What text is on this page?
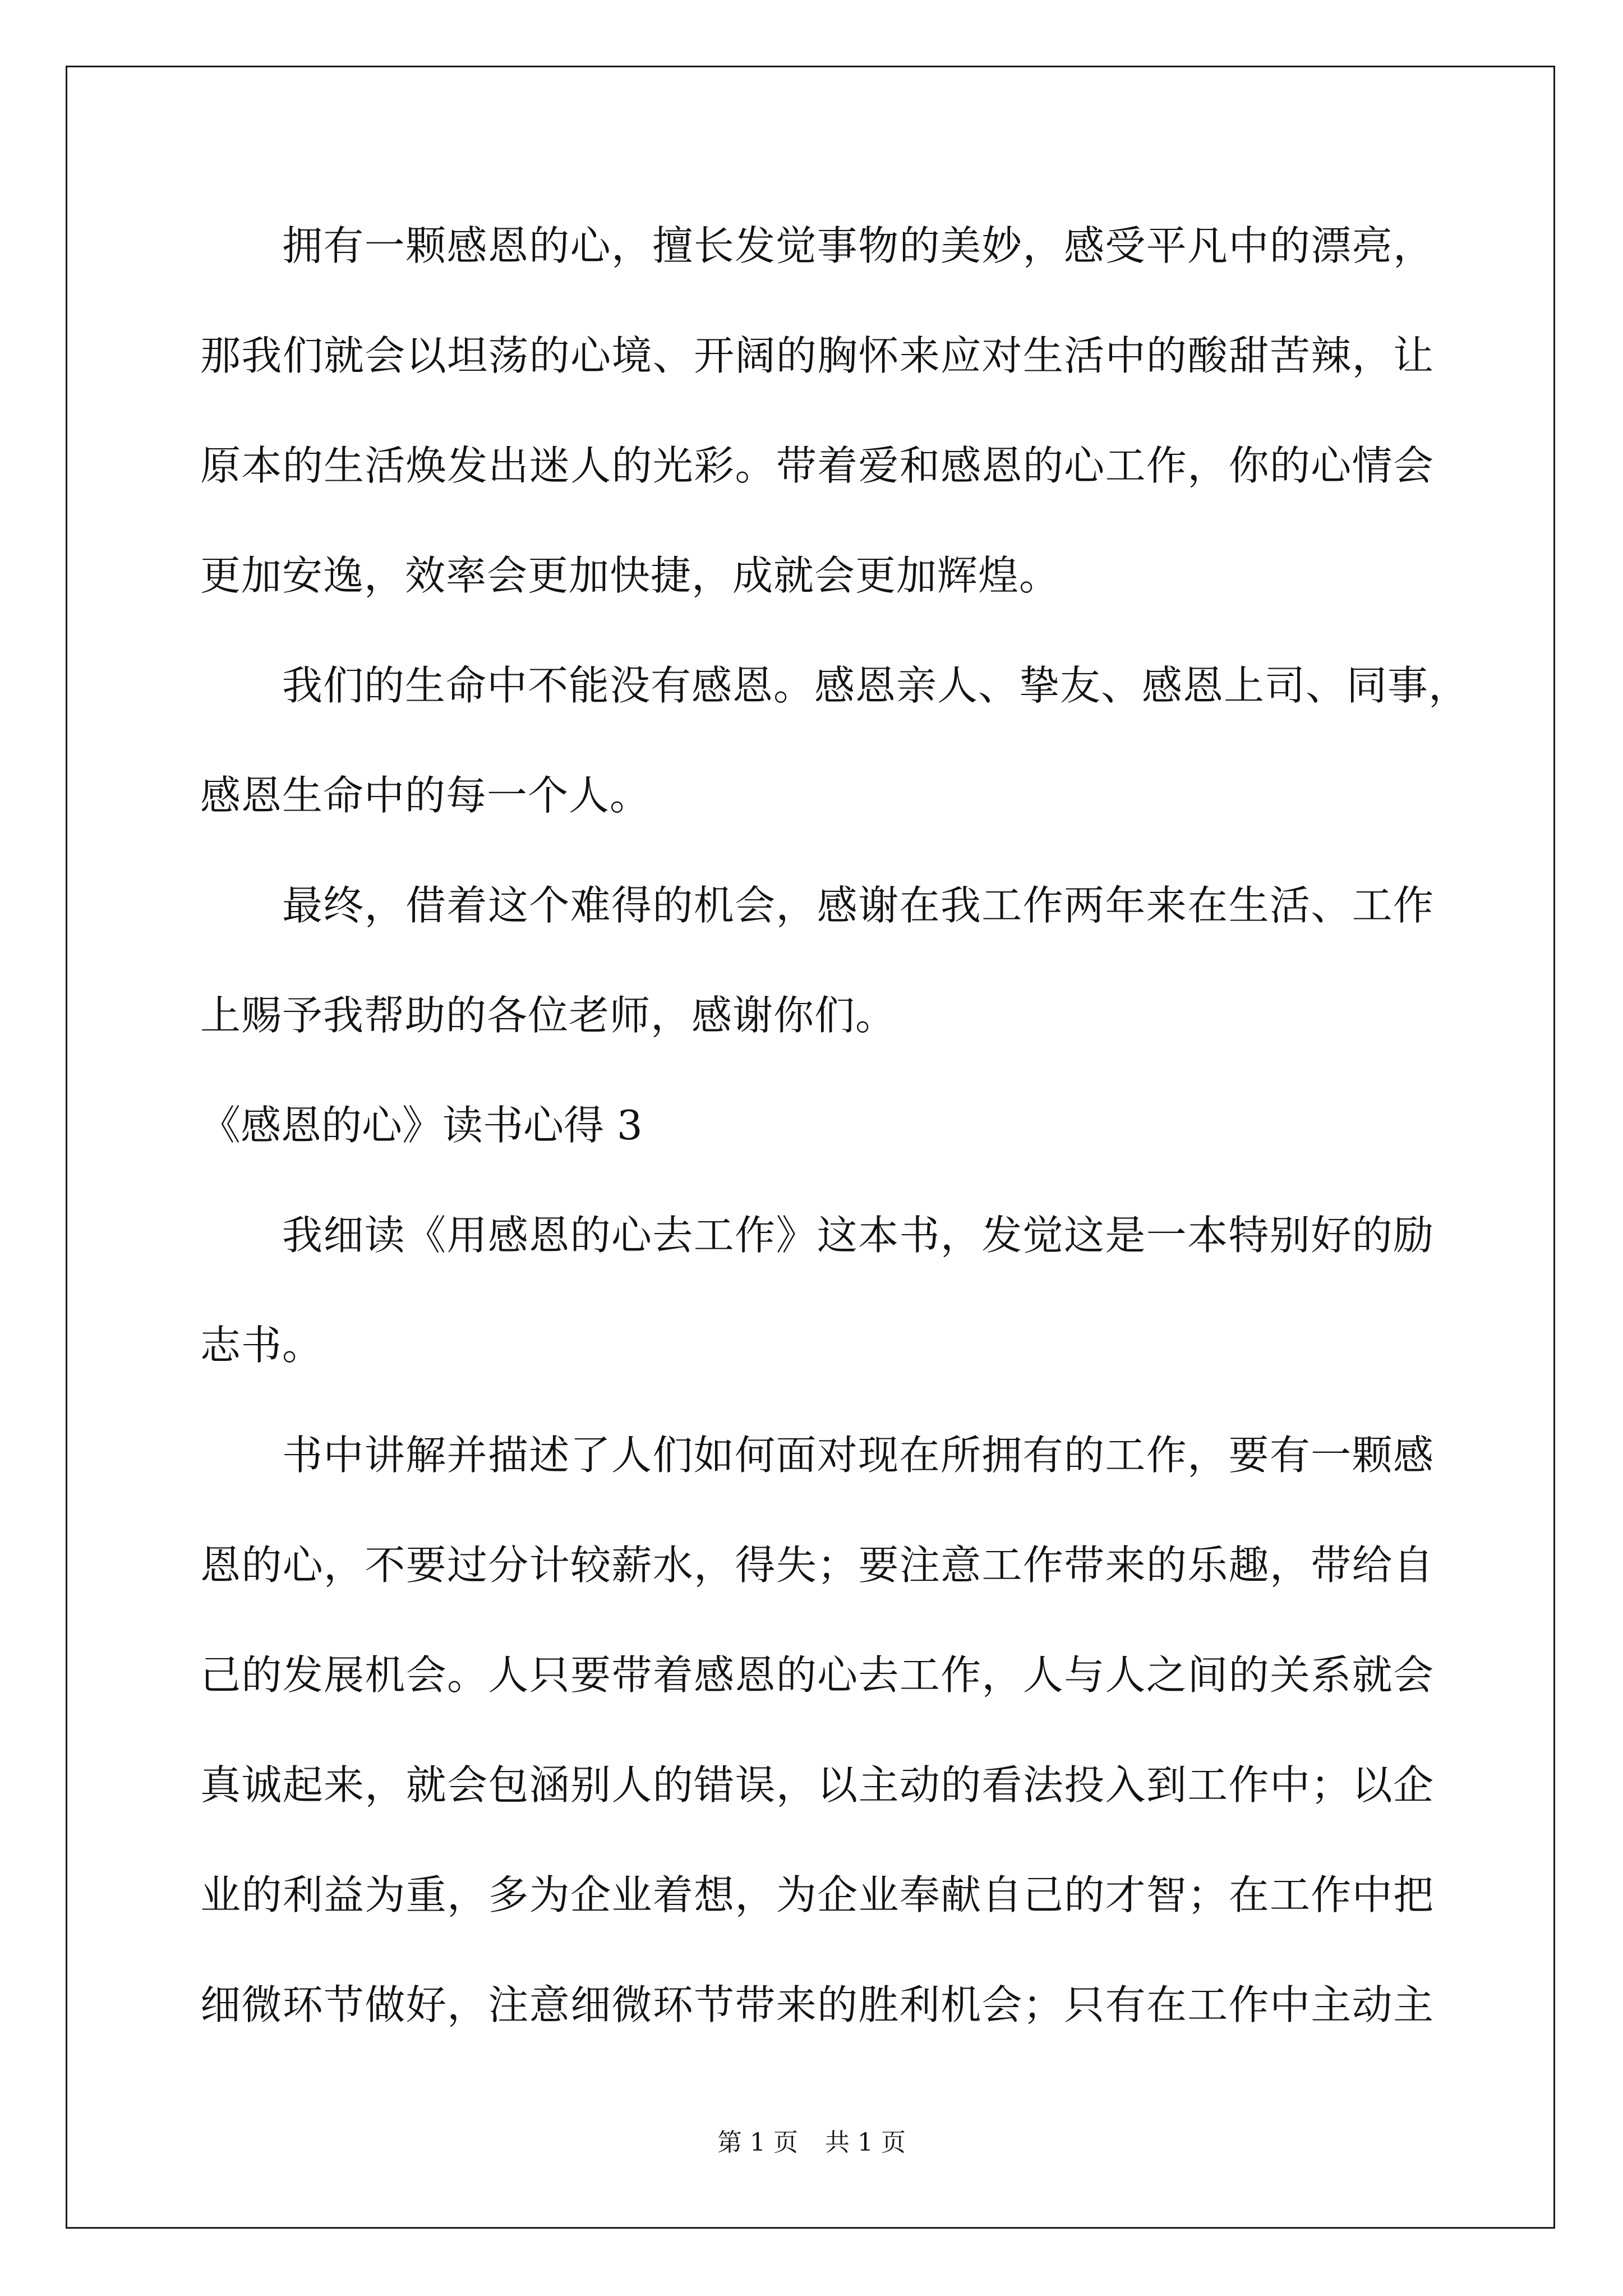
拥有一颗感恩的心，擅长发觉事物的美妙，感受平凡中的漂亮，
那我们就会以坦荡的心境、开阔的胸怀来应对生活中的酸甜苦辣，让
原本的生活焕发出迷人的光彩。带着爱和感恩的心工作，你的心情会
更加安逸，效率会更加快捷，成就会更加辉煌。
我们的生命中不能没有感恩。感恩亲人、挚友、感恩上司、同事，
感恩生命中的每一个人。
最终，借着这个难得的机会，感谢在我工作两年来在生活、工作
上赐予我帮助的各位老师，感谢你们。
《感恩的心》读书心得 3
我细读《用感恩的心去工作》这本书，发觉这是一本特别好的励
志书。
书中讲解并描述了人们如何面对现在所拥有的工作，要有一颗感
恩的心，不要过分计较薪水，得失；要注意工作带来的乐趣，带给自
己的发展机会。人只要带着感恩的心去工作，人与人之间的关系就会
真诚起来，就会包涵别人的错误，以主动的看法投入到工作中；以企
业的利益为重，多为企业着想，为企业奉献自己的才智；在工作中把
细微环节做好，注意细微环节带来的胜利机会；只有在工作中主动主
第 1 页 共 1 页
